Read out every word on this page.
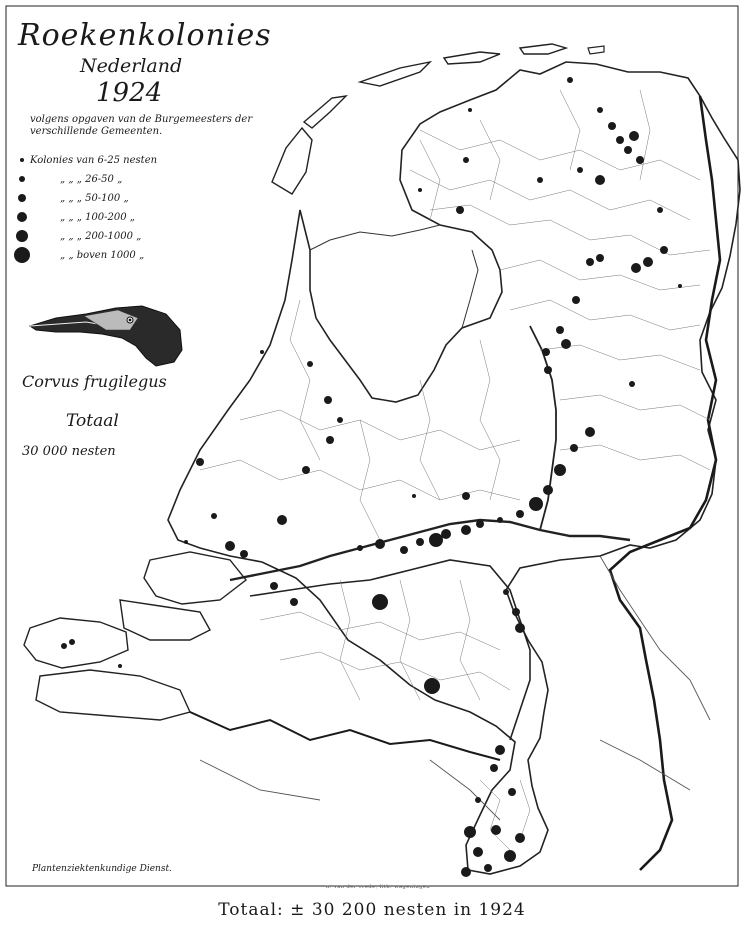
Roekenkolonies

Nederland

1924

volgens opgaven van de Burgemeesters der verschillende Gemeenten.

Kolonies van 6-25 nesten
„ „ „ 26-50 „
„ „ „ 50-100 „
„ „ „ 100-200 „
„ „ „ 200-1000 „
„ „ boven 1000 „
Corvus frugilegus
Totaal
30 000 nesten
Plantenziektenkundige Dienst.
n. van der vrede, lith. wageningen
Totaal: ± 30 200 nesten in 1924
